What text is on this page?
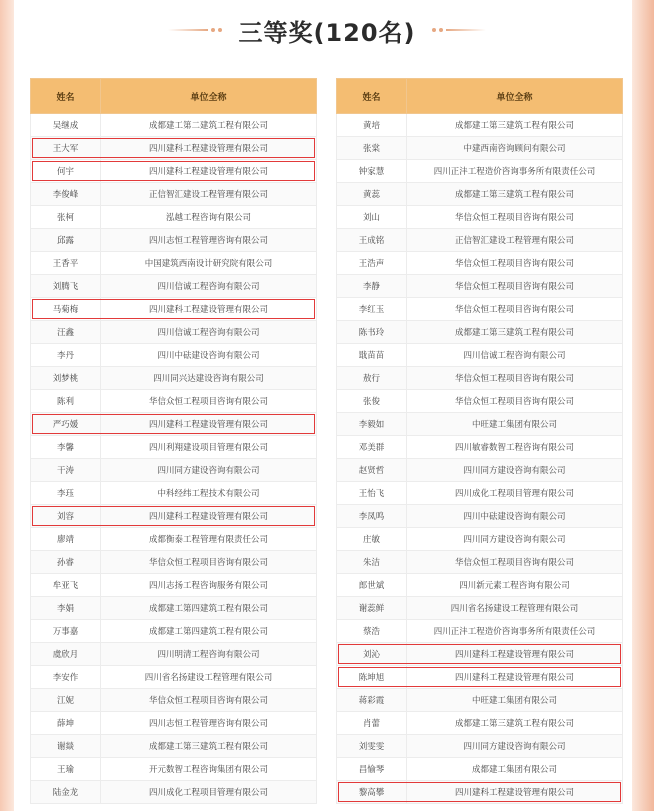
三等奖(120名)
姓名	单位全称
吴继成	成都建工第二建筑工程有限公司
王大军	四川建科工程建设管理有限公司
何宇	四川建科工程建设管理有限公司
李俊峰	正信智汇建设工程管理有限公司
张柯	泓越工程咨询有限公司
邱露	四川志恒工程管理咨询有限公司
王香平	中国建筑西南设计研究院有限公司
刘腾飞	四川信诚工程咨询有限公司
马菊梅	四川建科工程建设管理有限公司
汪鑫	四川信诚工程咨询有限公司
李丹	四川中砝建设咨询有限公司
刘梦桃	四川同兴达建设咨询有限公司
陈利	华信众恒工程项目咨询有限公司
严巧媛	四川建科工程建设管理有限公司
李馨	四川利翔建设项目管理有限公司
干涛	四川同方建设咨询有限公司
李珏	中科经纬工程技术有限公司
刘容	四川建科工程建设管理有限公司
廖靖	成都衡泰工程管理有限责任公司
孙睿	华信众恒工程项目咨询有限公司
牟亚飞	四川志扬工程咨询服务有限公司
李娟	成都建工第四建筑工程有限公司
万事嘉	成都建工第四建筑工程有限公司
虞欣月	四川明清工程咨询有限公司
李安作	四川省名扬建设工程管理有限公司
江妮	华信众恒工程项目咨询有限公司
薛坤	四川志恒工程管理咨询有限公司
谢燚	成都建工第三建筑工程有限公司
王瑜	开元数智工程咨询集团有限公司
陆金龙	四川成化工程项目管理有限公司
姓名	单位全称
黄培	成都建工第三建筑工程有限公司
张棠	中建西南咨询顾问有限公司
钟家慧	四川正沣工程造价咨询事务所有限责任公司
黄蕊	成都建工第三建筑工程有限公司
刘山	华信众恒工程项目咨询有限公司
王成铭	正信智汇建设工程管理有限公司
王浩声	华信众恒工程项目咨询有限公司
李静	华信众恒工程项目咨询有限公司
李红玉	华信众恒工程项目咨询有限公司
陈书玲	成都建工第三建筑工程有限公司
戢苗苗	四川信诚工程咨询有限公司
敖行	华信众恒工程项目咨询有限公司
张俊	华信众恒工程项目咨询有限公司
李毅如	中旺建工集团有限公司
邓美群	四川敏睿数智工程咨询有限公司
赵贤哲	四川同方建设咨询有限公司
王怡飞	四川成化工程项目管理有限公司
李凤鸣	四川中砝建设咨询有限公司
庄敏	四川同方建设咨询有限公司
朱洁	华信众恒工程项目咨询有限公司
郎世斌	四川新元素工程咨询有限公司
谢蕊鲜	四川省名扬建设工程管理有限公司
蔡浩	四川正沣工程造价咨询事务所有限责任公司
刘沁	四川建科工程建设管理有限公司
陈坤旭	四川建科工程建设管理有限公司
蒋彩霞	中旺建工集团有限公司
肖蕾	成都建工第三建筑工程有限公司
刘雯雯	四川同方建设咨询有限公司
昌愉琴	成都建工集团有限公司
黎高攀	四川建科工程建设管理有限公司
